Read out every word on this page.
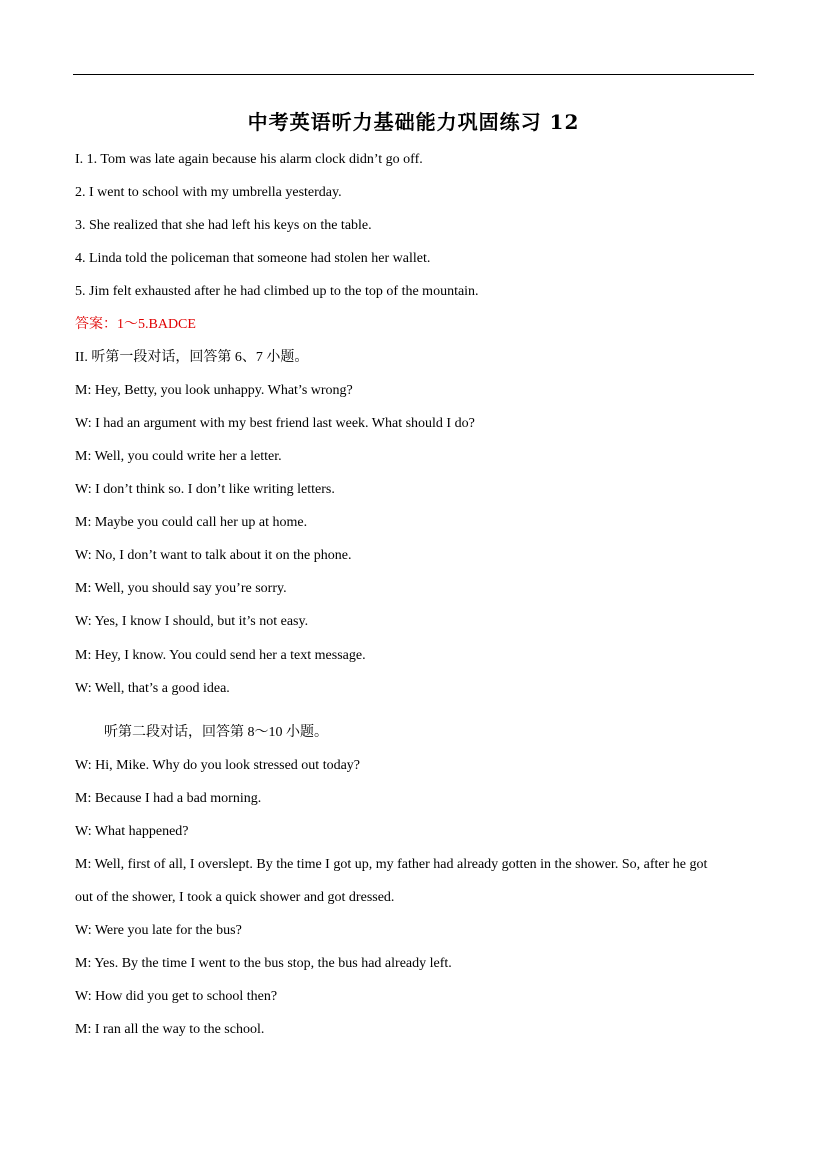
中考英语听力基础能力巩固练习 12
I. 1. Tom was late again because his alarm clock didn’t go off.
2. I went to school with my umbrella yesterday.
3. She realized that she had left his keys on the table.
4. Linda told the policeman that someone had stolen her wallet.
5. Jim felt exhausted after he had climbed up to the top of the mountain.
答案：1～5.BADCE
II. 听第一段对话，回答第 6、7 小题。
M: Hey, Betty, you look unhappy. What’s wrong?
W: I had an argument with my best friend last week. What should I do?
M: Well, you could write her a letter.
W: I don’t think so. I don’t like writing letters.
M: Maybe you could call her up at home.
W: No, I don’t want to talk about it on the phone.
M: Well, you should say you’re sorry.
W: Yes, I know I should, but it’s not easy.
M: Hey, I know. You could send her a text message.
W: Well, that’s a good idea.
听第二段对话，回答第 8～10 小题。
W: Hi, Mike. Why do you look stressed out today?
M: Because I had a bad morning.
W: What happened?
M: Well, first of all, I overslept. By the time I got up, my father had already gotten in the shower. So, after he got
out of the shower, I took a quick shower and got dressed.
W: Were you late for the bus?
M: Yes. By the time I went to the bus stop, the bus had already left.
W: How did you get to school then?
M: I ran all the way to the school.
